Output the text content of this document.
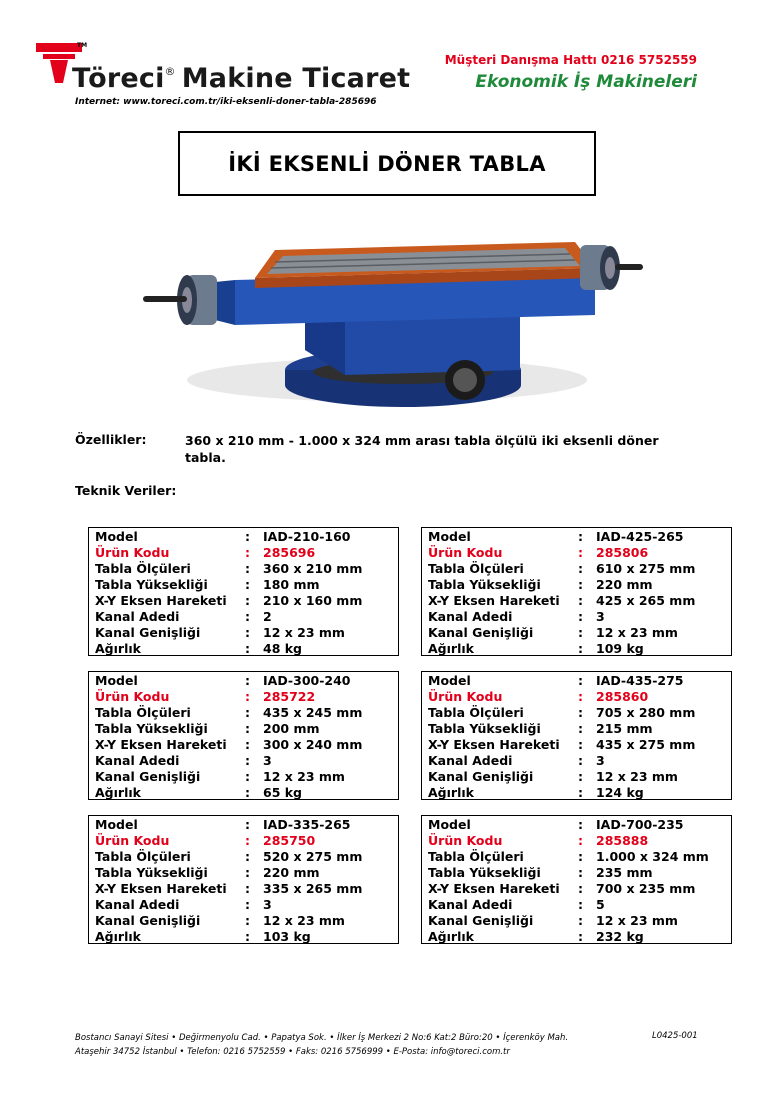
TM
Töreci® Makine Ticaret
Internet: www.toreci.com.tr/iki-eksenli-doner-tabla-285696
Müşteri Danışma Hattı 0216 5752559
Ekonomik İş Makineleri
İKİ EKSENLİ DÖNER TABLA
Özellikler:	360 x 210 mm - 1.000 x 324 mm arası tabla ölçülü iki eksenli döner tabla.
Teknik Veriler:
Model	:	IAD-210-160
Ürün Kodu	:	285696
Tabla Ölçüleri	:	360 x 210 mm
Tabla Yüksekliği	:	180 mm
X-Y Eksen Hareketi	:	210 x 160 mm
Kanal Adedi	:	2
Kanal Genişliği	:	12 x 23 mm
Ağırlık	:	48 kg
Model	:	IAD-425-265
Ürün Kodu	:	285806
Tabla Ölçüleri	:	610 x 275 mm
Tabla Yüksekliği	:	220 mm
X-Y Eksen Hareketi	:	425 x 265 mm
Kanal Adedi	:	3
Kanal Genişliği	:	12 x 23 mm
Ağırlık	:	109 kg
Model	:	IAD-300-240
Ürün Kodu	:	285722
Tabla Ölçüleri	:	435 x 245 mm
Tabla Yüksekliği	:	200 mm
X-Y Eksen Hareketi	:	300 x 240 mm
Kanal Adedi	:	3
Kanal Genişliği	:	12 x 23 mm
Ağırlık	:	65 kg
Model	:	IAD-435-275
Ürün Kodu	:	285860
Tabla Ölçüleri	:	705 x 280 mm
Tabla Yüksekliği	:	215 mm
X-Y Eksen Hareketi	:	435 x 275 mm
Kanal Adedi	:	3
Kanal Genişliği	:	12 x 23 mm
Ağırlık	:	124 kg
Model	:	IAD-335-265
Ürün Kodu	:	285750
Tabla Ölçüleri	:	520 x 275 mm
Tabla Yüksekliği	:	220 mm
X-Y Eksen Hareketi	:	335 x 265 mm
Kanal Adedi	:	3
Kanal Genişliği	:	12 x 23 mm
Ağırlık	:	103 kg
Model	:	IAD-700-235
Ürün Kodu	:	285888
Tabla Ölçüleri	:	1.000 x 324 mm
Tabla Yüksekliği	:	235 mm
X-Y Eksen Hareketi	:	700 x 235 mm
Kanal Adedi	:	5
Kanal Genişliği	:	12 x 23 mm
Ağırlık	:	232 kg
Bostancı Sanayi Sitesi • Değirmenyolu Cad. • Papatya Sok. • İlker İş Merkezi 2 No:6 Kat:2 Büro:20 • İçerenköy Mah.
Ataşehir 34752 İstanbul • Telefon: 0216 5752559 • Faks: 0216 5756999 • E-Posta: info@toreci.com.tr
L0425-001
